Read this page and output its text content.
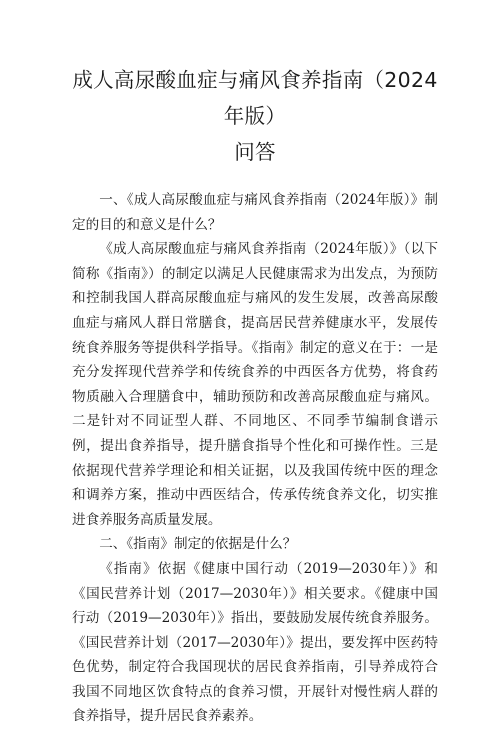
成人高尿酸血症与痛风食养指南（2024年版）
问答

一、《成人高尿酸血症与痛风食养指南（2024年版）》制定的目的和意义是什么？

《成人高尿酸血症与痛风食养指南（2024年版）》（以下简称《指南》）的制定以满足人民健康需求为出发点，为预防和控制我国人群高尿酸血症与痛风的发生发展，改善高尿酸血症与痛风人群日常膳食，提高居民营养健康水平，发展传统食养服务等提供科学指导。《指南》制定的意义在于：一是充分发挥现代营养学和传统食养的中西医各方优势，将食药物质融入合理膳食中，辅助预防和改善高尿酸血症与痛风。二是针对不同证型人群、不同地区、不同季节编制食谱示例，提出食养指导，提升膳食指导个性化和可操作性。三是依据现代营养学理论和相关证据，以及我国传统中医的理念和调养方案，推动中西医结合，传承传统食养文化，切实推进食养服务高质量发展。

二、《指南》制定的依据是什么？

《指南》依据《健康中国行动（2019—2030年）》和《国民营养计划（2017—2030年）》相关要求。《健康中国行动（2019—2030年）》指出，要鼓励发展传统食养服务。《国民营养计划（2017—2030年）》提出，要发挥中医药特色优势，制定符合我国现状的居民食养指南，引导养成符合我国不同地区饮食特点的食养习惯，开展针对慢性病人群的食养指导，提升居民食养素养。
